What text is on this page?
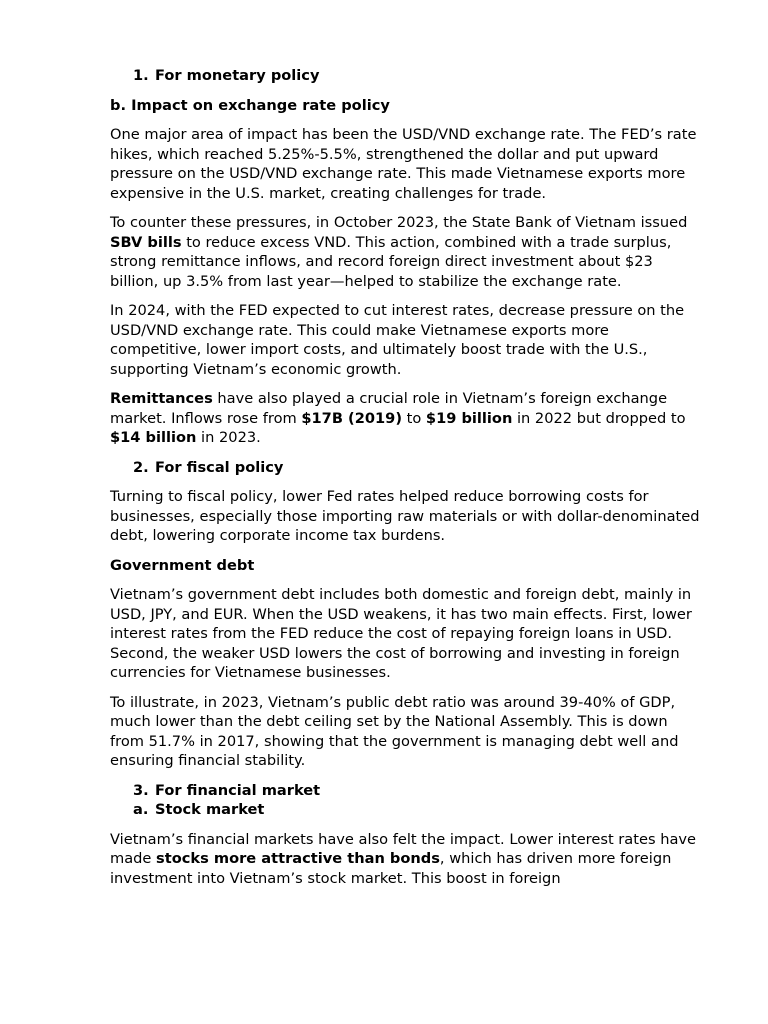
1. For monetary policy
b. Impact on exchange rate policy

One major area of impact has been the USD/VND exchange rate. The FED’s rate hikes, which reached 5.25%-5.5%, strengthened the dollar and put upward pressure on the USD/VND exchange rate. This made Vietnamese exports more expensive in the U.S. market, creating challenges for trade.

To counter these pressures, in October 2023, the State Bank of Vietnam issued SBV bills to reduce excess VND. This action, combined with a trade surplus, strong remittance inflows, and record foreign direct investment about $23 billion, up 3.5% from last year—helped to stabilize the exchange rate.

In 2024, with the FED expected to cut interest rates, decrease pressure on the USD/VND exchange rate. This could make Vietnamese exports more competitive, lower import costs, and ultimately boost trade with the U.S., supporting Vietnam’s economic growth.

Remittances have also played a crucial role in Vietnam’s foreign exchange market. Inflows rose from $17B (2019) to $19 billion in 2022 but dropped to $14 billion in 2023.

2. For fiscal policy

Turning to fiscal policy, lower Fed rates helped reduce borrowing costs for businesses, especially those importing raw materials or with dollar-denominated debt, lowering corporate income tax burdens.

Government debt

Vietnam’s government debt includes both domestic and foreign debt, mainly in USD, JPY, and EUR. When the USD weakens, it has two main effects. First, lower interest rates from the FED reduce the cost of repaying foreign loans in USD. Second, the weaker USD lowers the cost of borrowing and investing in foreign currencies for Vietnamese businesses.

To illustrate, in 2023, Vietnam’s public debt ratio was around 39-40% of GDP, much lower than the debt ceiling set by the National Assembly. This is down from 51.7% in 2017, showing that the government is managing debt well and ensuring financial stability.

3. For financial market
a. Stock market

Vietnam’s financial markets have also felt the impact. Lower interest rates have made stocks more attractive than bonds, which has driven more foreign investment into Vietnam’s stock market. This boost in foreign
